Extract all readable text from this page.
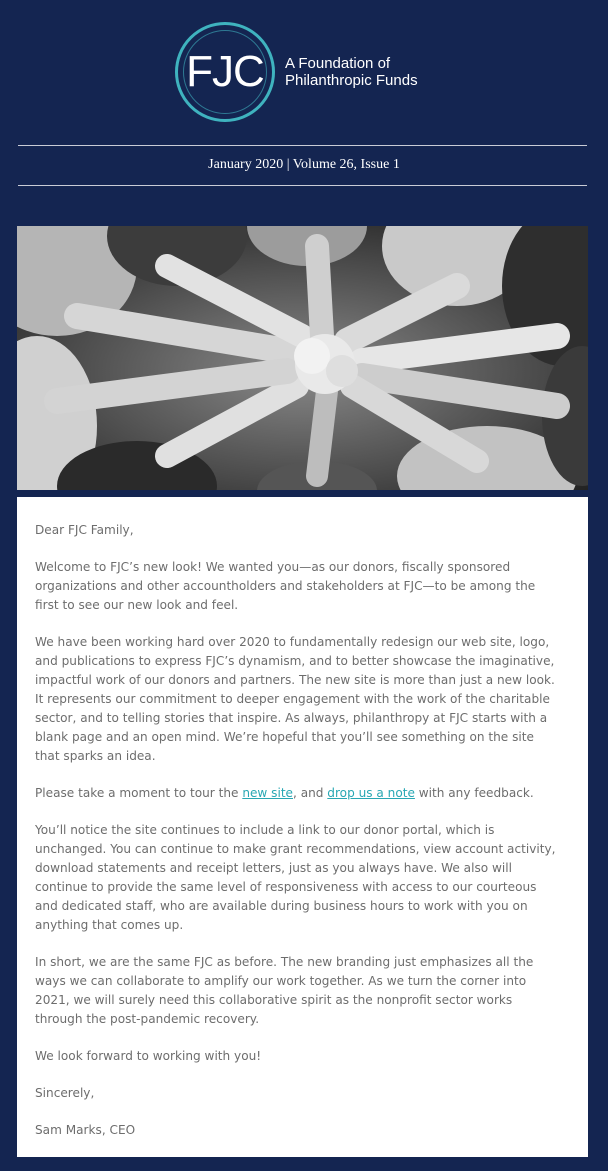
FJC	A Foundation of
Philanthropic Funds
January 2020 | Volume 26, Issue 1

Dear FJC Family,

Welcome to FJC’s new look! We wanted you—as our donors, fiscally sponsored organizations and other accountholders and stakeholders at FJC—to be among the first to see our new look and feel.

We have been working hard over 2020 to fundamentally redesign our web site, logo, and publications to express FJC’s dynamism, and to better showcase the imaginative, impactful work of our donors and partners. The new site is more than just a new look. It represents our commitment to deeper engagement with the work of the charitable sector, and to telling stories that inspire. As always, philanthropy at FJC starts with a blank page and an open mind. We’re hopeful that you’ll see something on the site that sparks an idea.

Please take a moment to tour the new site, and drop us a note with any feedback.

You’ll notice the site continues to include a link to our donor portal, which is unchanged. You can continue to make grant recommendations, view account activity, download statements and receipt letters, just as you always have. We also will continue to provide the same level of responsiveness with access to our courteous and dedicated staff, who are available during business hours to work with you on anything that comes up.

In short, we are the same FJC as before. The new branding just emphasizes all the ways we can collaborate to amplify our work together. As we turn the corner into 2021, we will surely need this collaborative spirit as the nonprofit sector works through the post-pandemic recovery.

We look forward to working with you!

Sincerely,

Sam Marks, CEO
